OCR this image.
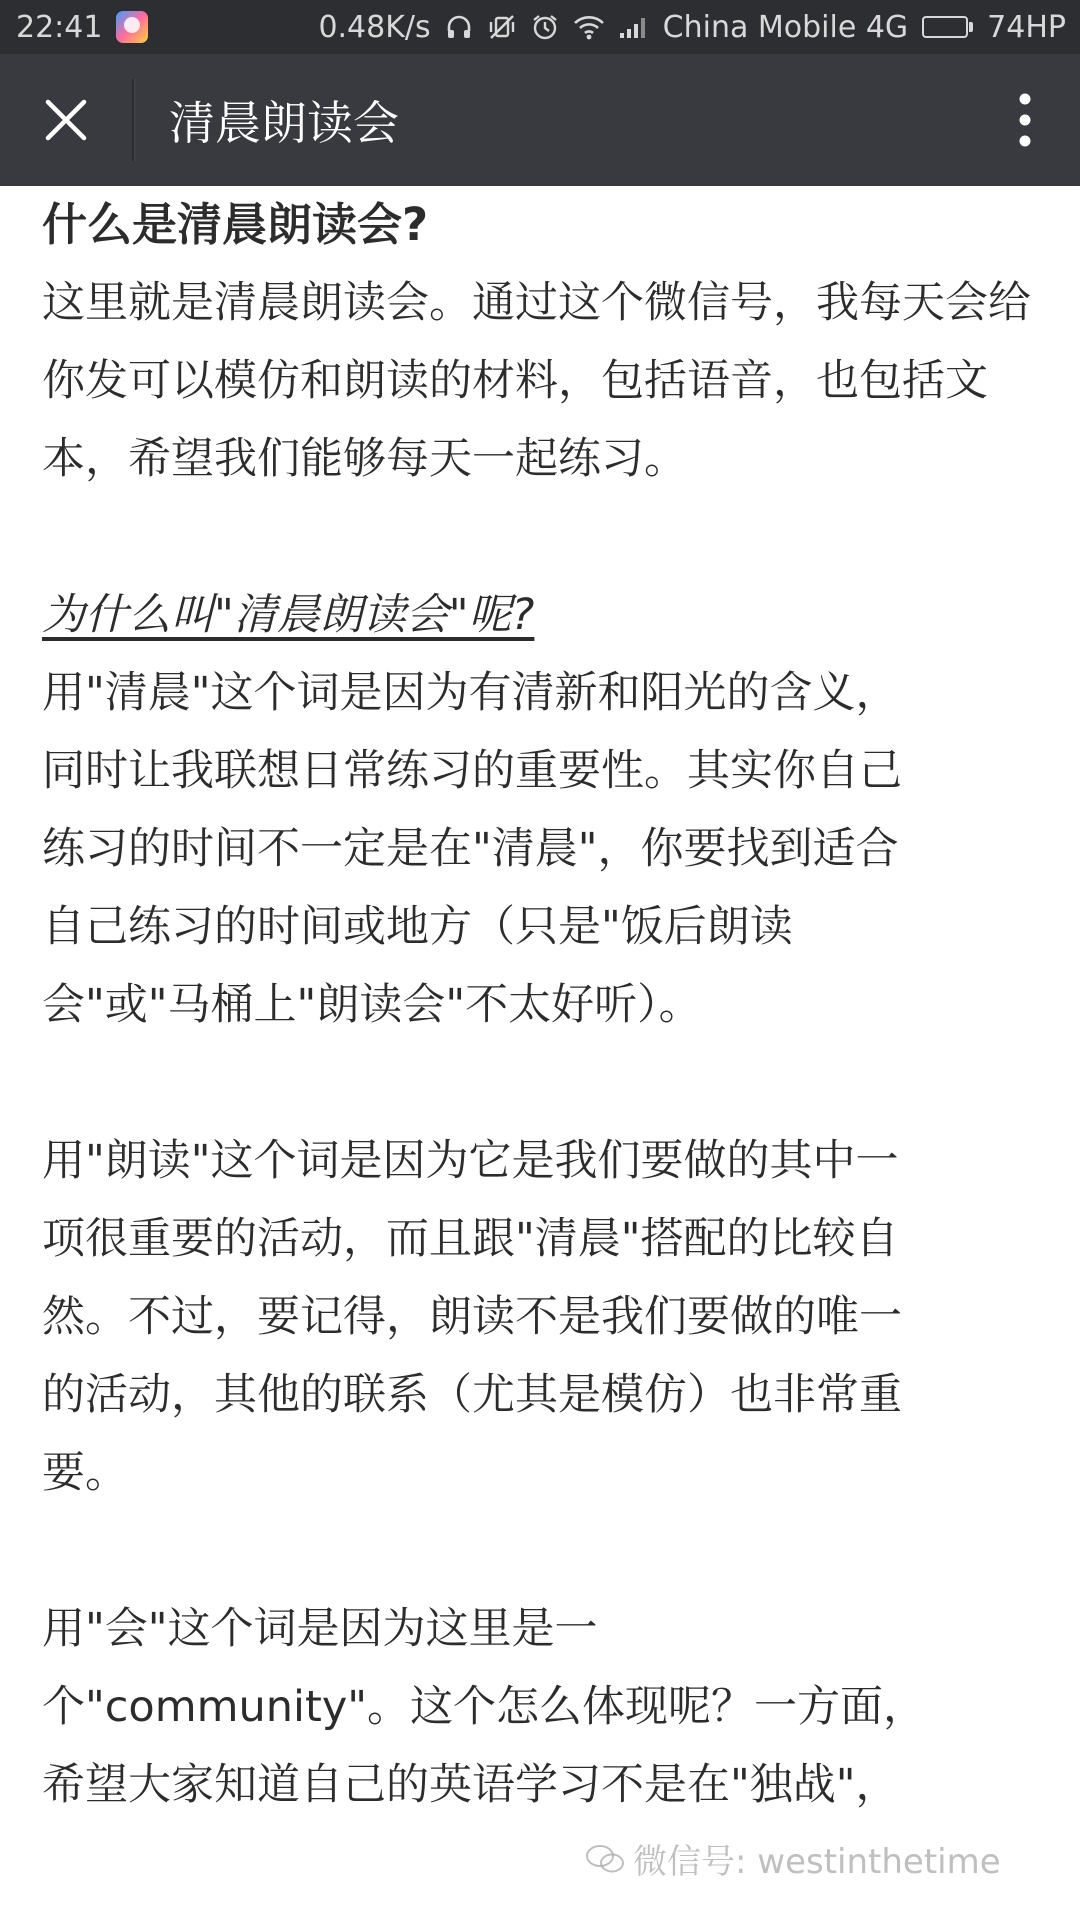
22:41	0.48K/s	China Mobile 4G	74HP
清晨朗读会

什么是清晨朗读会?

这里就是清晨朗读会。通过这个微信号，我每天会给你发可以模仿和朗读的材料，包括语音，也包括文本，希望我们能够每天一起练习。

为什么叫"清晨朗读会"呢?

用"清晨"这个词是因为有清新和阳光的含义，

同时让我联想日常练习的重要性。其实你自己

练习的时间不一定是在"清晨"，你要找到适合

自己练习的时间或地方（只是"饭后朗读

会"或"马桶上"朗读会"不太好听）。

用"朗读"这个词是因为它是我们要做的其中一

项很重要的活动，而且跟"清晨"搭配的比较自

然。不过，要记得，朗读不是我们要做的唯一

的活动，其他的联系（尤其是模仿）也非常重

要。

用"会"这个词是因为这里是一

个"community"。这个怎么体现呢？一方面，

希望大家知道自己的英语学习不是在"独战"，

微信号: westinthetime
